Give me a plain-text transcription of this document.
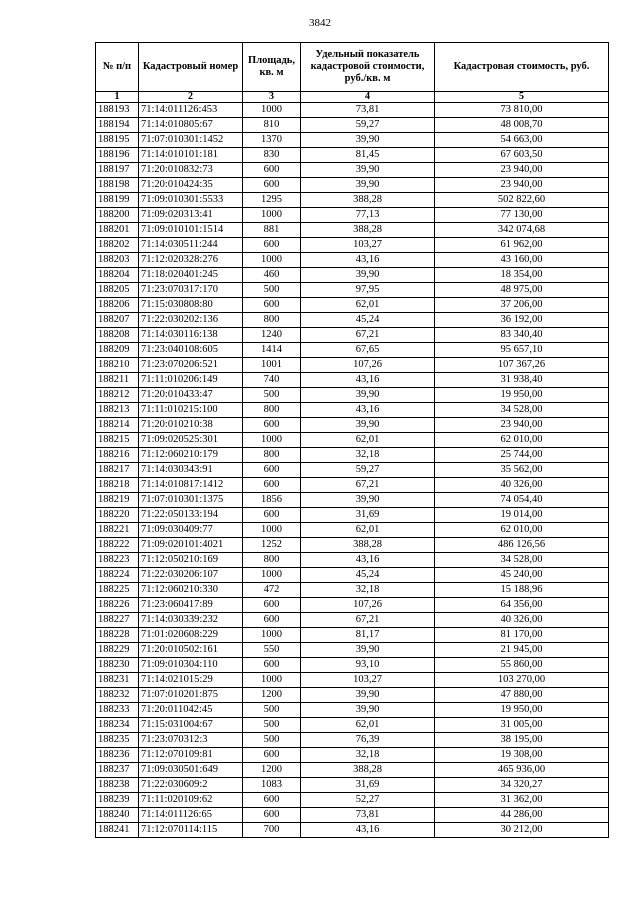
3842
№ п/п	Кадастровый номер	Площадь, кв. м	Удельный показатель кадастровой стоимости, руб./кв. м	Кадастровая стоимость, руб.
1	2	3	4	5
188193	71:14:011126:453	1000	73,81	73 810,00
188194	71:14:010805:67	810	59,27	48 008,70
188195	71:07:010301:1452	1370	39,90	54 663,00
188196	71:14:010101:181	830	81,45	67 603,50
188197	71:20:010832:73	600	39,90	23 940,00
188198	71:20:010424:35	600	39,90	23 940,00
188199	71:09:010301:5533	1295	388,28	502 822,60
188200	71:09:020313:41	1000	77,13	77 130,00
188201	71:09:010101:1514	881	388,28	342 074,68
188202	71:14:030511:244	600	103,27	61 962,00
188203	71:12:020328:276	1000	43,16	43 160,00
188204	71:18:020401:245	460	39,90	18 354,00
188205	71:23:070317:170	500	97,95	48 975,00
188206	71:15:030808:80	600	62,01	37 206,00
188207	71:22:030202:136	800	45,24	36 192,00
188208	71:14:030116:138	1240	67,21	83 340,40
188209	71:23:040108:605	1414	67,65	95 657,10
188210	71:23:070206:521	1001	107,26	107 367,26
188211	71:11:010206:149	740	43,16	31 938,40
188212	71:20:010433:47	500	39,90	19 950,00
188213	71:11:010215:100	800	43,16	34 528,00
188214	71:20:010210:38	600	39,90	23 940,00
188215	71:09:020525:301	1000	62,01	62 010,00
188216	71:12:060210:179	800	32,18	25 744,00
188217	71:14:030343:91	600	59,27	35 562,00
188218	71:14:010817:1412	600	67,21	40 326,00
188219	71:07:010301:1375	1856	39,90	74 054,40
188220	71:22:050133:194	600	31,69	19 014,00
188221	71:09:030409:77	1000	62,01	62 010,00
188222	71:09:020101:4021	1252	388,28	486 126,56
188223	71:12:050210:169	800	43,16	34 528,00
188224	71:22:030206:107	1000	45,24	45 240,00
188225	71:12:060210:330	472	32,18	15 188,96
188226	71:23:060417:89	600	107,26	64 356,00
188227	71:14:030339:232	600	67,21	40 326,00
188228	71:01:020608:229	1000	81,17	81 170,00
188229	71:20:010502:161	550	39,90	21 945,00
188230	71:09:010304:110	600	93,10	55 860,00
188231	71:14:021015:29	1000	103,27	103 270,00
188232	71:07:010201:875	1200	39,90	47 880,00
188233	71:20:011042:45	500	39,90	19 950,00
188234	71:15:031004:67	500	62,01	31 005,00
188235	71:23:070312:3	500	76,39	38 195,00
188236	71:12:070109:81	600	32,18	19 308,00
188237	71:09:030501:649	1200	388,28	465 936,00
188238	71:22:030609:2	1083	31,69	34 320,27
188239	71:11:020109:62	600	52,27	31 362,00
188240	71:14:011126:65	600	73,81	44 286,00
188241	71:12:070114:115	700	43,16	30 212,00
